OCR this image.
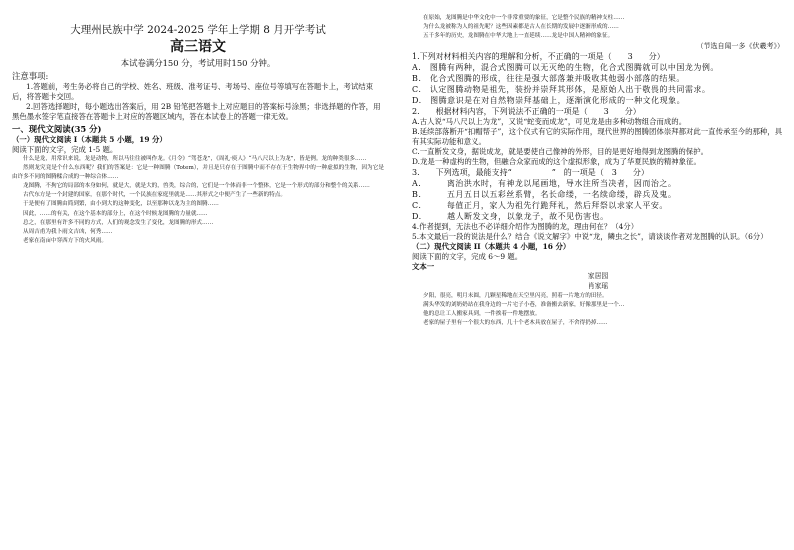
大理州民族中学 2024-2025 学年上学期 8 月开学考试
高三语文
本试卷满分150 分，考试用时150 分钟。
注意事项:
1.答题前，考生务必将自己的学校、姓名、班级、准考证号、考场号、座位号等填写在答题卡上，考试结束后，将答题卡交回。
2.回答选择题时，每小题选出答案后，用 2B 铅笔把答题卡上对应题目的答案标号涂黑；非选择题的作答，用黑色墨水签字笔直接答在答题卡上对应的答题区域内，答在本试卷上的答题一律无效。
一、现代文阅读(35 分)
（一）现代文阅读 I（本题共 5 小题，19 分）
阅读下面的文字，完成 1-5 题。
什么是龙，用常识来说，龙是动物，所以马往往被叫作龙。《月令》“驾苍龙”，《周礼·庾人》“马八尺以上为龙”，皆是例。龙的种类很多……
然则龙究竟是个什么东西呢？我们的答案是：它是一种图腾（Totem），并且是只存在于图腾中而不存在于生物界中的一种虚拟的生物，因为它是由许多不同的图腾糅合成的一种综合体……
龙图腾，不拘它的局部的本身如何，就是大，就是大的，兽类，综合的，它们是一个体而非一个整体，它是一个形式的部分和整个的关系……
古代东方是一个封建的国家，在那个时代，一个民族在家庭里就是……其形式之中便产生了一些新的特点。
于是便有了图腾由简到繁，由小到大的这种变化，以至那种以龙为主的图腾……
因此，……的有关，在这个基本的部分上，在这个时候龙图腾的力量就……
总之，在那里有许多不同的方式，人们的观念发生了变化，龙图腾的形式……
从周吉甫为我卜雨文吉凶，何秀……
老家在南亩中穿西方下的火风雨。
在原始，龙图腾是中华文化中一个非常重要的象征，它是整个民族的精神支柱……
为什么龙被称为人的祖先呢？这些因素都是古人在长期的发展中逐渐形成的……
五千多年的历史，龙图腾在中华大地上一直延续……龙是中国人精神的象征。
（节选自闻一多《伏羲考》）
1.下列对材料相关内容的理解和分析，不正确的一项是（　　3　　分）
A.　图腾有两种，混合式图腾可以无灭绝的生物，化合式图腾就可以中国龙为例。
B.　化合式图腾的形成，往往是强大部落兼并吸收其他弱小部落的结果。
C.　认定图腾动物是祖先，装扮并崇拜其形体，是原始人出于敬畏的共同需求。
D.　图腾意识是在对自然物崇拜基础上，逐渐演化形成的一种文化现象。
2.　　根据材料内容，下列说法不正确的一项是（　　3　　分）
A.古人说“马八尺以上为龙”，又说“蛇变而成龙”，可见龙是由多种动物组合而成的。
B.延续部落断开“扣帽帮子”，这个仪式有它的实际作用，现代世界的图腾团体崇拜都对此一直传承至今的那种，具有其实际功能和意义。
C.一直断发文身，据说成龙，就是要使自己像神的外形，目的是更好地得到龙图腾的保护。
D.龙是一种虚构的生物，但融合众家而成的这个虚拟形象，成为了华夏民族的精神象征。
3.　　下列选项，最能支持“　　　　　”　的一项是（　3　　分）
A.　　　离治洪水时，有神龙以尾画地，导水注所当决者，因而治之。
B.　　　五月五日以五彩丝系臂，名长命缕，一名续命缕，辟兵及鬼。
C.　　　每值正月，家人为祖先行跪拜礼，然后拜祭以求家人平安。
D.　　　越人断发文身，以象龙子，故不见伤害也。
4.作者提到，无法也不必详细介绍作为图腾的龙，理由何在？（4分）
5.本文最后一段的说法是什么？结合《说文解字》中说“龙，鳞虫之长”，请谈谈作者对龙图腾的认识。（6分）
（二）现代文阅读 II（本题共 4 小题，16 分）
阅读下面的文字，完成 6～9 题。
文本一
家居园
肖家瑶
夕阳，很亮，明月未圆，几颗星稀地在天空里闪亮，照着一片地方的田径。
满头华发的刘奶奶站在我身边的一片宅子小巷，准备搬去新家，好像那里是一个…
他的总让工人搬家具到，一件挨着一件地摆放。
老家的屋子里有一个很大的东西，几十个老木具放在屋子，不舍得扔掉……
